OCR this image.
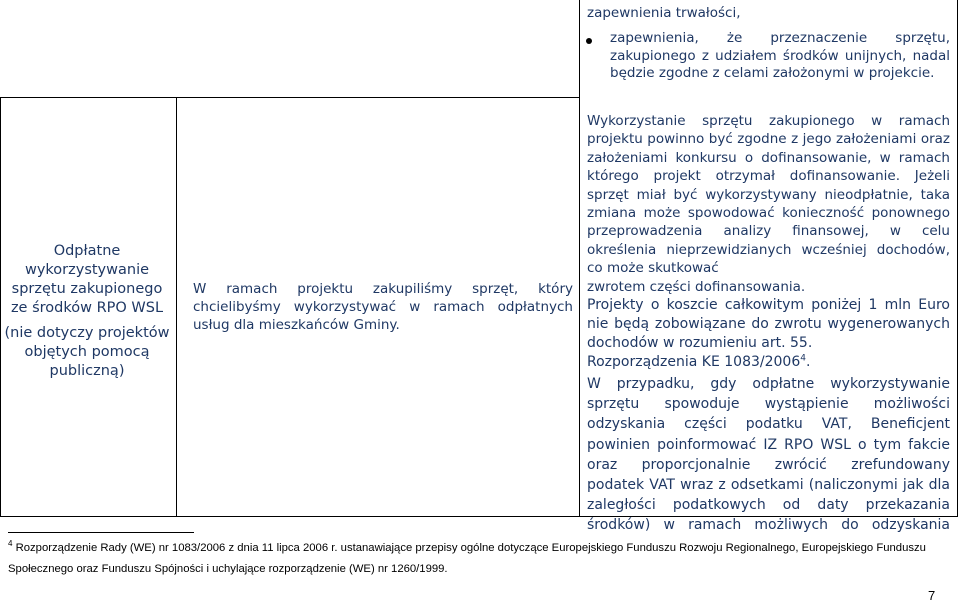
Odpłatne wykorzystywanie sprzętu zakupionego ze środków RPO WSL

(nie dotyczy projektów objętych pomocą publiczną)

W ramach projektu zakupiliśmy sprzęt, który chcielibyśmy wykorzystywać w ramach odpłatnych usług dla mieszkańców Gminy.
zapewnienia trwałości,
zapewnienia, że przeznaczenie sprzętu, zakupionego z udziałem środków unijnych, nadal będzie zgodne z celami założonymi w projekcie.
Wykorzystanie sprzętu zakupionego w ramach projektu powinno być zgodne z jego założeniami oraz założeniami konkursu o dofinansowanie, w ramach którego projekt otrzymał dofinansowanie. Jeżeli sprzęt miał być wykorzystywany nieodpłatnie, taka zmiana może spowodować konieczność ponownego przeprowadzenia analizy finansowej, w celu określenia nieprzewidzianych wcześniej dochodów, co może skutkować
zwrotem części dofinansowania.
Projekty o koszcie całkowitym poniżej 1 mln Euro nie będą zobowiązane do zwrotu wygenerowanych dochodów w rozumieniu art. 55.
Rozporządzenia KE 1083/2006$^4$.
W przypadku, gdy odpłatne wykorzystywanie sprzętu spowoduje wystąpienie możliwości odzyskania części podatku VAT, Beneficjent powinien poinformować IZ RPO WSL o tym fakcie oraz proporcjonalnie zwrócić zrefundowany podatek VAT wraz z odsetkami (naliczonymi jak dla zaległości podatkowych od daty przekazania środków) w ramach możliwych do odzyskania
$^4$ Rozporządzenie Rady (WE) nr 1083/2006 z dnia 11 lipca 2006 r. ustanawiające przepisy ogólne dotyczące Europejskiego Funduszu Rozwoju Regionalnego, Europejskiego Funduszu Społecznego oraz Funduszu Spójności i uchylające rozporządzenie (WE) nr 1260/1999.
7
